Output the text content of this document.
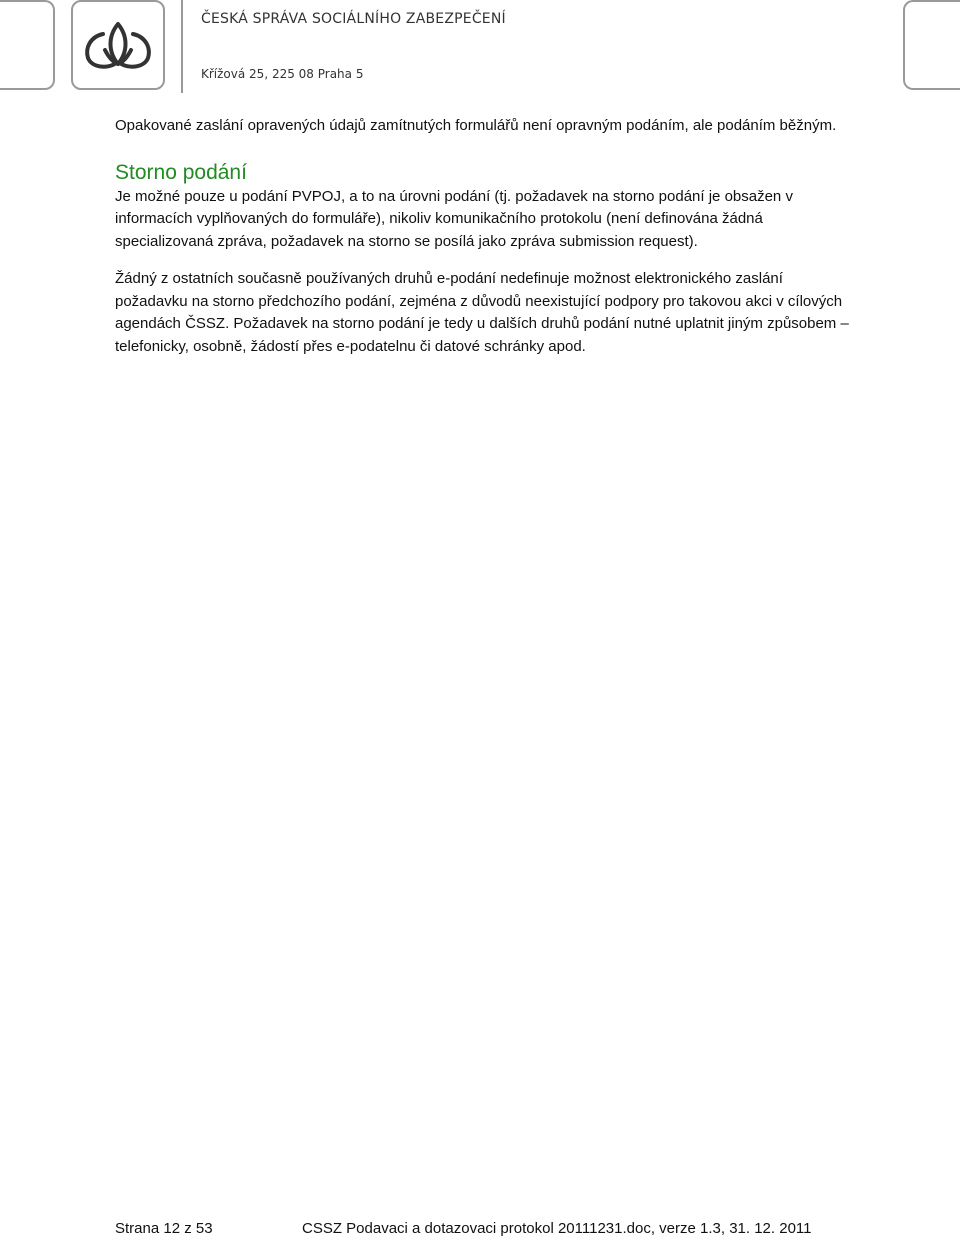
ČESKÁ SPRÁVA SOCIÁLNÍHO ZABEZPEČENÍ
Křížová 25, 225 08 Praha 5

Opakované zaslání opravených údajů zamítnutých formulářů není opravným podáním, ale podáním běžným.

Storno podání

Je možné pouze u podání PVPOJ, a to na úrovni podání (tj. požadavek na storno podání je obsažen v informacích vyplňovaných do formuláře), nikoliv komunikačního protokolu (není definována žádná specializovaná zpráva, požadavek na storno se posílá jako zpráva submission request).

Žádný z ostatních současně používaných druhů e-podání nedefinuje možnost elektronického zaslání požadavku na storno předchozího podání, zejména z důvodů neexistující podpory pro takovou akci v cílových agendách ČSSZ. Požadavek na storno podání je tedy u dalších druhů podání nutné uplatnit jiným způsobem – telefonicky, osobně, žádostí přes e-podatelnu či datové schránky apod.

Strana 12 z 53	CSSZ Podavaci a dotazovaci protokol 20111231.doc, verze 1.3, 31. 12. 2011
